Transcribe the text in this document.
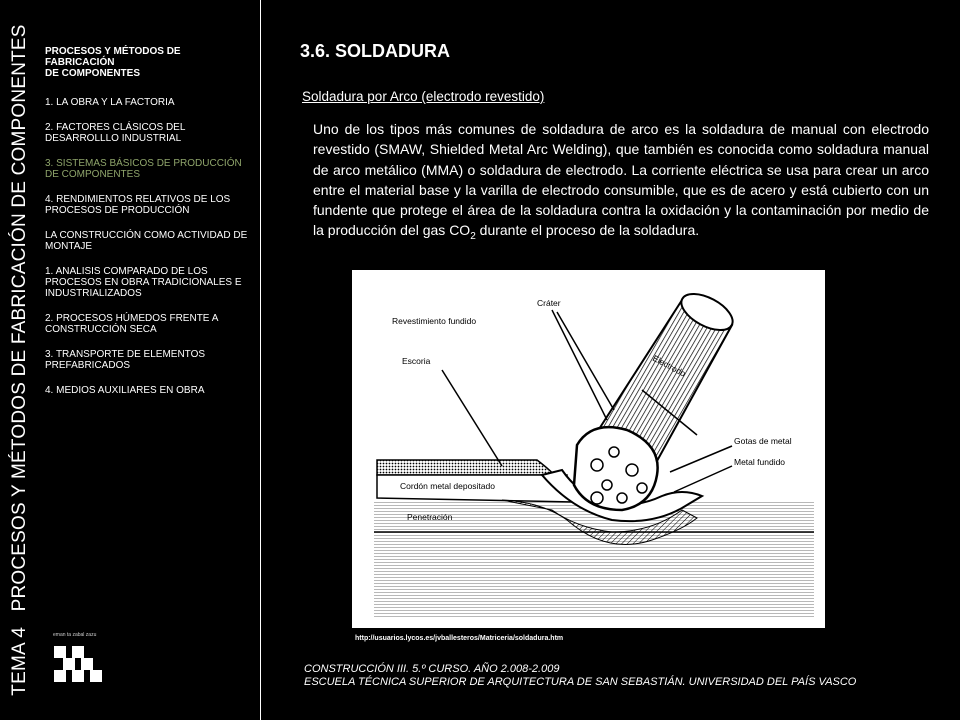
TEMA 4 PROCESOS Y MÉTODOS DE FABRICACIÓN DE COMPONENTES PROCESOS Y MÉTODOS DE
FABRICACIÓN
DE COMPONENTES
1. LA OBRA Y LA FACTORIA
2. FACTORES CLÁSICOS DEL DESARROLLLO INDUSTRIAL
3. SISTEMAS BÁSICOS DE PRODUCCIÓN DE COMPONENTES
4. RENDIMIENTOS RELATIVOS DE LOS PROCESOS DE PRODUCCIÓN
LA CONSTRUCCIÓN COMO ACTIVIDAD DE MONTAJE
1. ANALISIS COMPARADO DE LOS PROCESOS EN OBRA TRADICIONALES E INDUSTRIALIZADOS
2. PROCESOS HÚMEDOS FRENTE A CONSTRUCCIÓN SECA
3. TRANSPORTE DE ELEMENTOS PREFABRICADOS
4. MEDIOS AUXILIARES EN OBRA
eman ta zabal zazu
3.6. SOLDADURA
Soldadura por Arco (electrodo revestido)
Uno de los tipos más comunes de soldadura de arco es la soldadura de manual con electrodo revestido (SMAW, Shielded Metal Arc Welding), que también es conocida como soldadura manual de arco metálico (MMA) o soldadura de electrodo. La corriente eléctrica se usa para crear un arco entre el material base y la varilla de electrodo consumible, que es de acero y está cubierto con un fundente que protege el área de la soldadura contra la oxidación y la contaminación por medio de la producción del gas $CO_2$ durante el proceso de la soldadura.
Cráter
Revestimiento fundido
Electrodo
Escoria
Gotas de metal
Metal fundido
Cordón metal depositado
Penetración
http://usuarios.lycos.es/jvballesteros/Matriceria/soldadura.htm
CONSTRUCCIÓN III. 5.º CURSO. AÑO 2.008-2.009
ESCUELA TÉCNICA SUPERIOR DE ARQUITECTURA DE SAN SEBASTIÁN. UNIVERSIDAD DEL PAÍS VASCO
